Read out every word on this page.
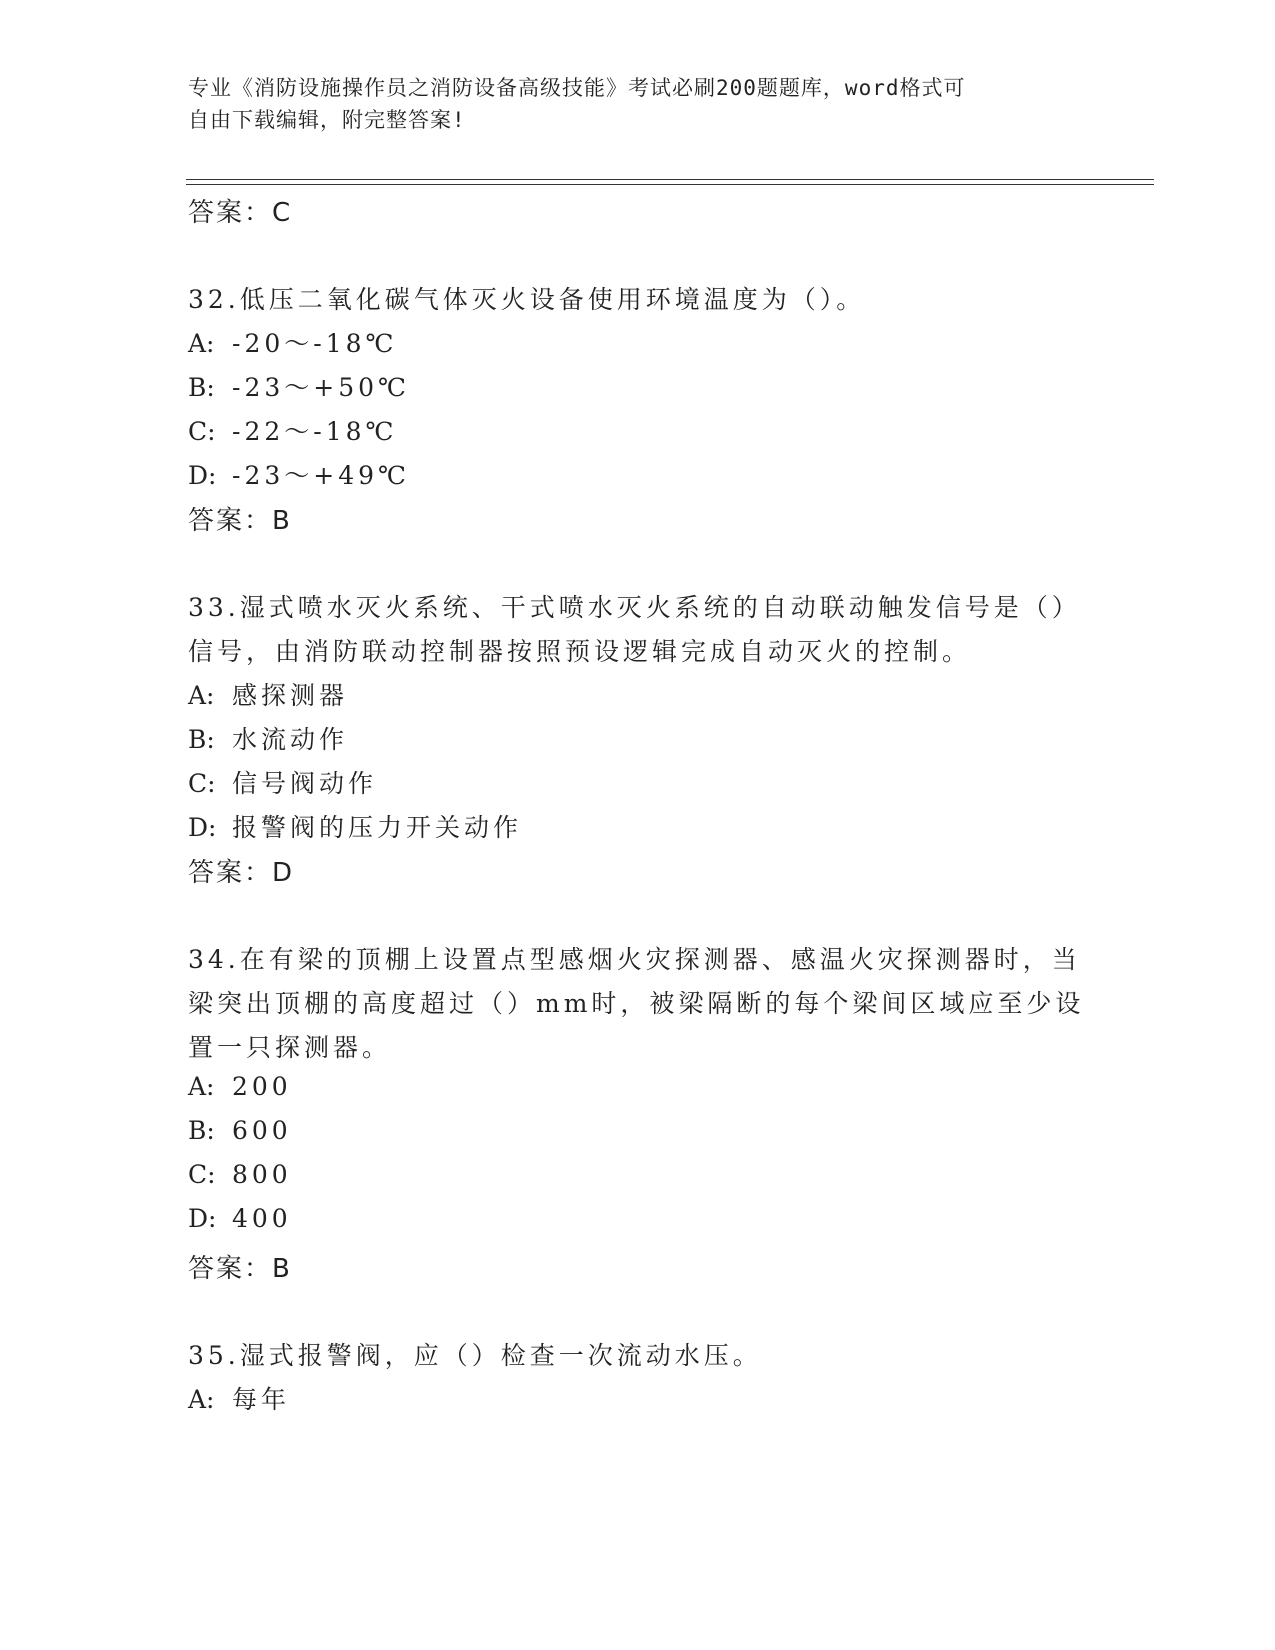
专业《消防设施操作员之消防设备高级技能》考试必刷200题题库，word格式可
自由下载编辑，附完整答案!
答案：C
32.低压二氧化碳气体灭火设备使用环境温度为（）。
A: -20～-18℃
B: -23～+50℃
C: -22～-18℃
D: -23～+49℃
答案：B
33.湿式喷水灭火系统、干式喷水灭火系统的自动联动触发信号是（）
信号，由消防联动控制器按照预设逻辑完成自动灭火的控制。
A: 感探测器
B: 水流动作
C: 信号阀动作
D: 报警阀的压力开关动作
答案：D
34.在有梁的顶棚上设置点型感烟火灾探测器、感温火灾探测器时，当
梁突出顶棚的高度超过（）mm时，被梁隔断的每个梁间区域应至少设
置一只探测器。
A: 200
B: 600
C: 800
D: 400
答案：B
35.湿式报警阀，应（）检查一次流动水压。
A: 每年
